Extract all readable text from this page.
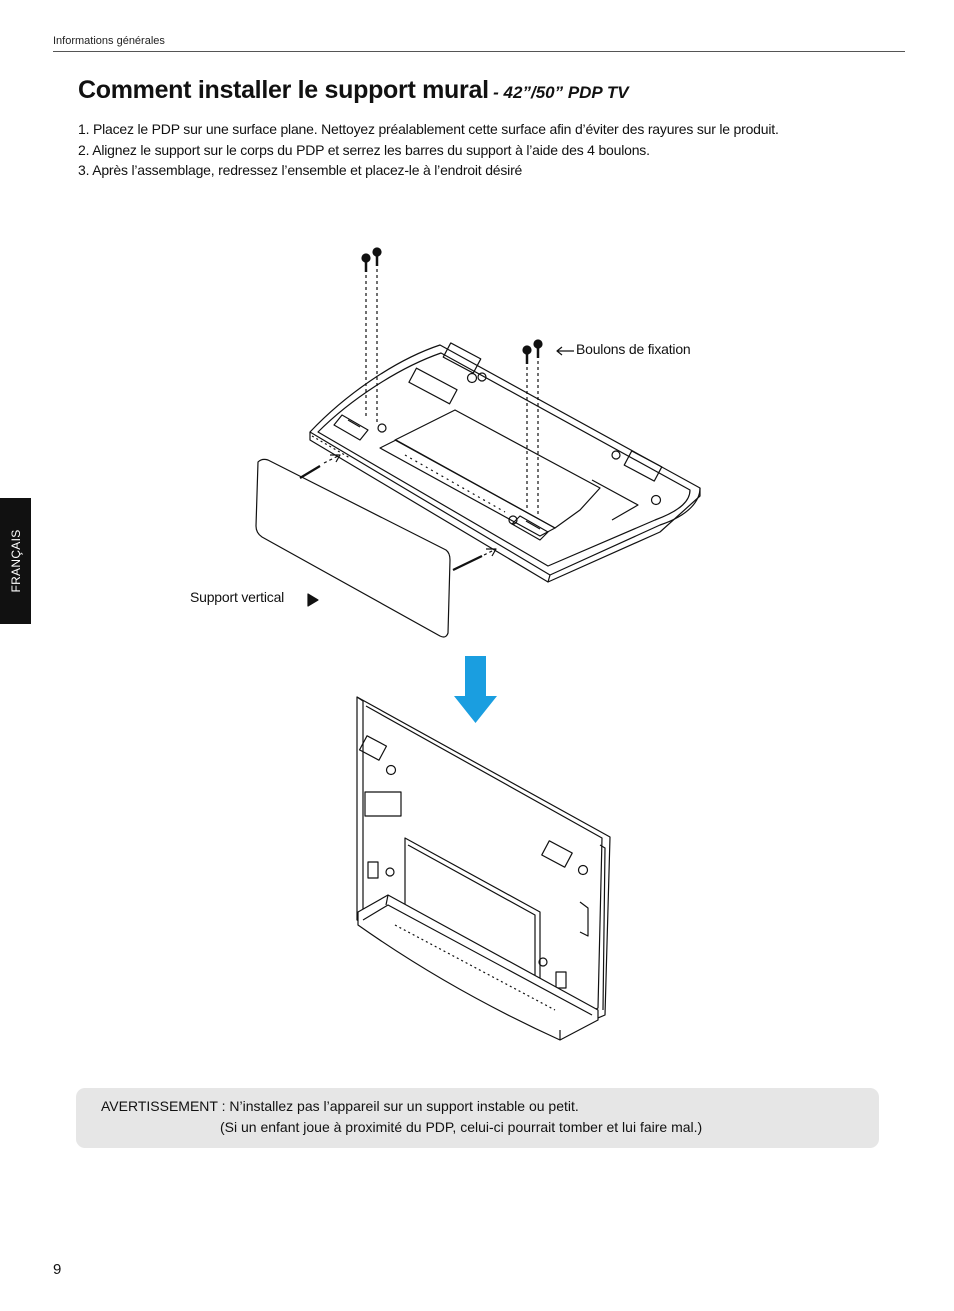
Informations générales
Comment installer le support mural - 42”/50” PDP TV
1. Placez le PDP sur une surface plane. Nettoyez préalablement cette surface afin d’éviter des rayures sur le produit.
2. Alignez le support sur le corps du PDP et serrez les barres du support à l’aide des 4 boulons.
3. Après l’assemblage, redressez l’ensemble et placez-le à l’endroit désiré
FRANÇAIS
Boulons de fixation
Support vertical
AVERTISSEMENT : N’installez pas l’appareil sur un support instable ou petit.
(Si un enfant joue à proximité du PDP, celui-ci pourrait tomber et lui faire mal.)
9
